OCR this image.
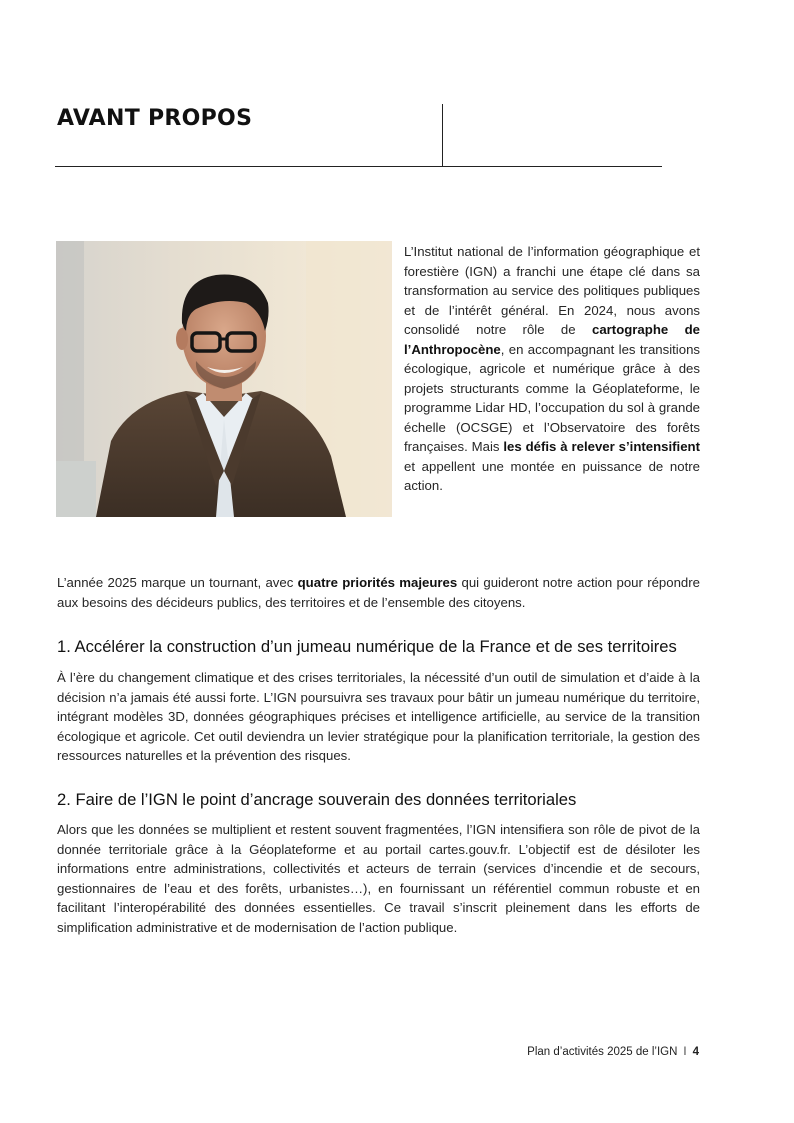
AVANT PROPOS

L’Institut national de l’information géographique et forestière (IGN) a franchi une étape clé dans sa transformation au service des politiques publiques et de l’intérêt général. En 2024, nous avons consolidé notre rôle de cartographe de l’Anthropocène, en accompagnant les transitions écologique, agricole et numérique grâce à des projets structurants comme la Géoplateforme, le programme Lidar HD, l’occupation du sol à grande échelle (OCSGE) et l’Observatoire des forêts françaises. Mais les défis à relever s’intensifient et appellent une montée en puissance de notre action.

L’année 2025 marque un tournant, avec quatre priorités majeures qui guideront notre action pour répondre aux besoins des décideurs publics, des territoires et de l’ensemble des citoyens.

1. Accélérer la construction d’un jumeau numérique de la France et de ses territoires

À l’ère du changement climatique et des crises territoriales, la nécessité d’un outil de simulation et d’aide à la décision n’a jamais été aussi forte. L’IGN poursuivra ses travaux pour bâtir un jumeau numérique du territoire, intégrant modèles 3D, données géographiques précises et intelligence artificielle, au service de la transition écologique et agricole. Cet outil deviendra un levier stratégique pour la planification territoriale, la gestion des ressources naturelles et la prévention des risques.

2. Faire de l’IGN le point d’ancrage souverain des données territoriales

Alors que les données se multiplient et restent souvent fragmentées, l’IGN intensifiera son rôle de pivot de la donnée territoriale grâce à la Géoplateforme et au portail cartes.gouv.fr. L’objectif est de désiloter les informations entre administrations, collectivités et acteurs de terrain (services d’incendie et de secours, gestionnaires de l’eau et des forêts, urbanistes…), en fournissant un référentiel commun robuste et en facilitant l’interopérabilité des données essentielles. Ce travail s’inscrit pleinement dans les efforts de simplification administrative et de modernisation de l’action publique.

Plan d’activités 2025 de l’IGN I 4
